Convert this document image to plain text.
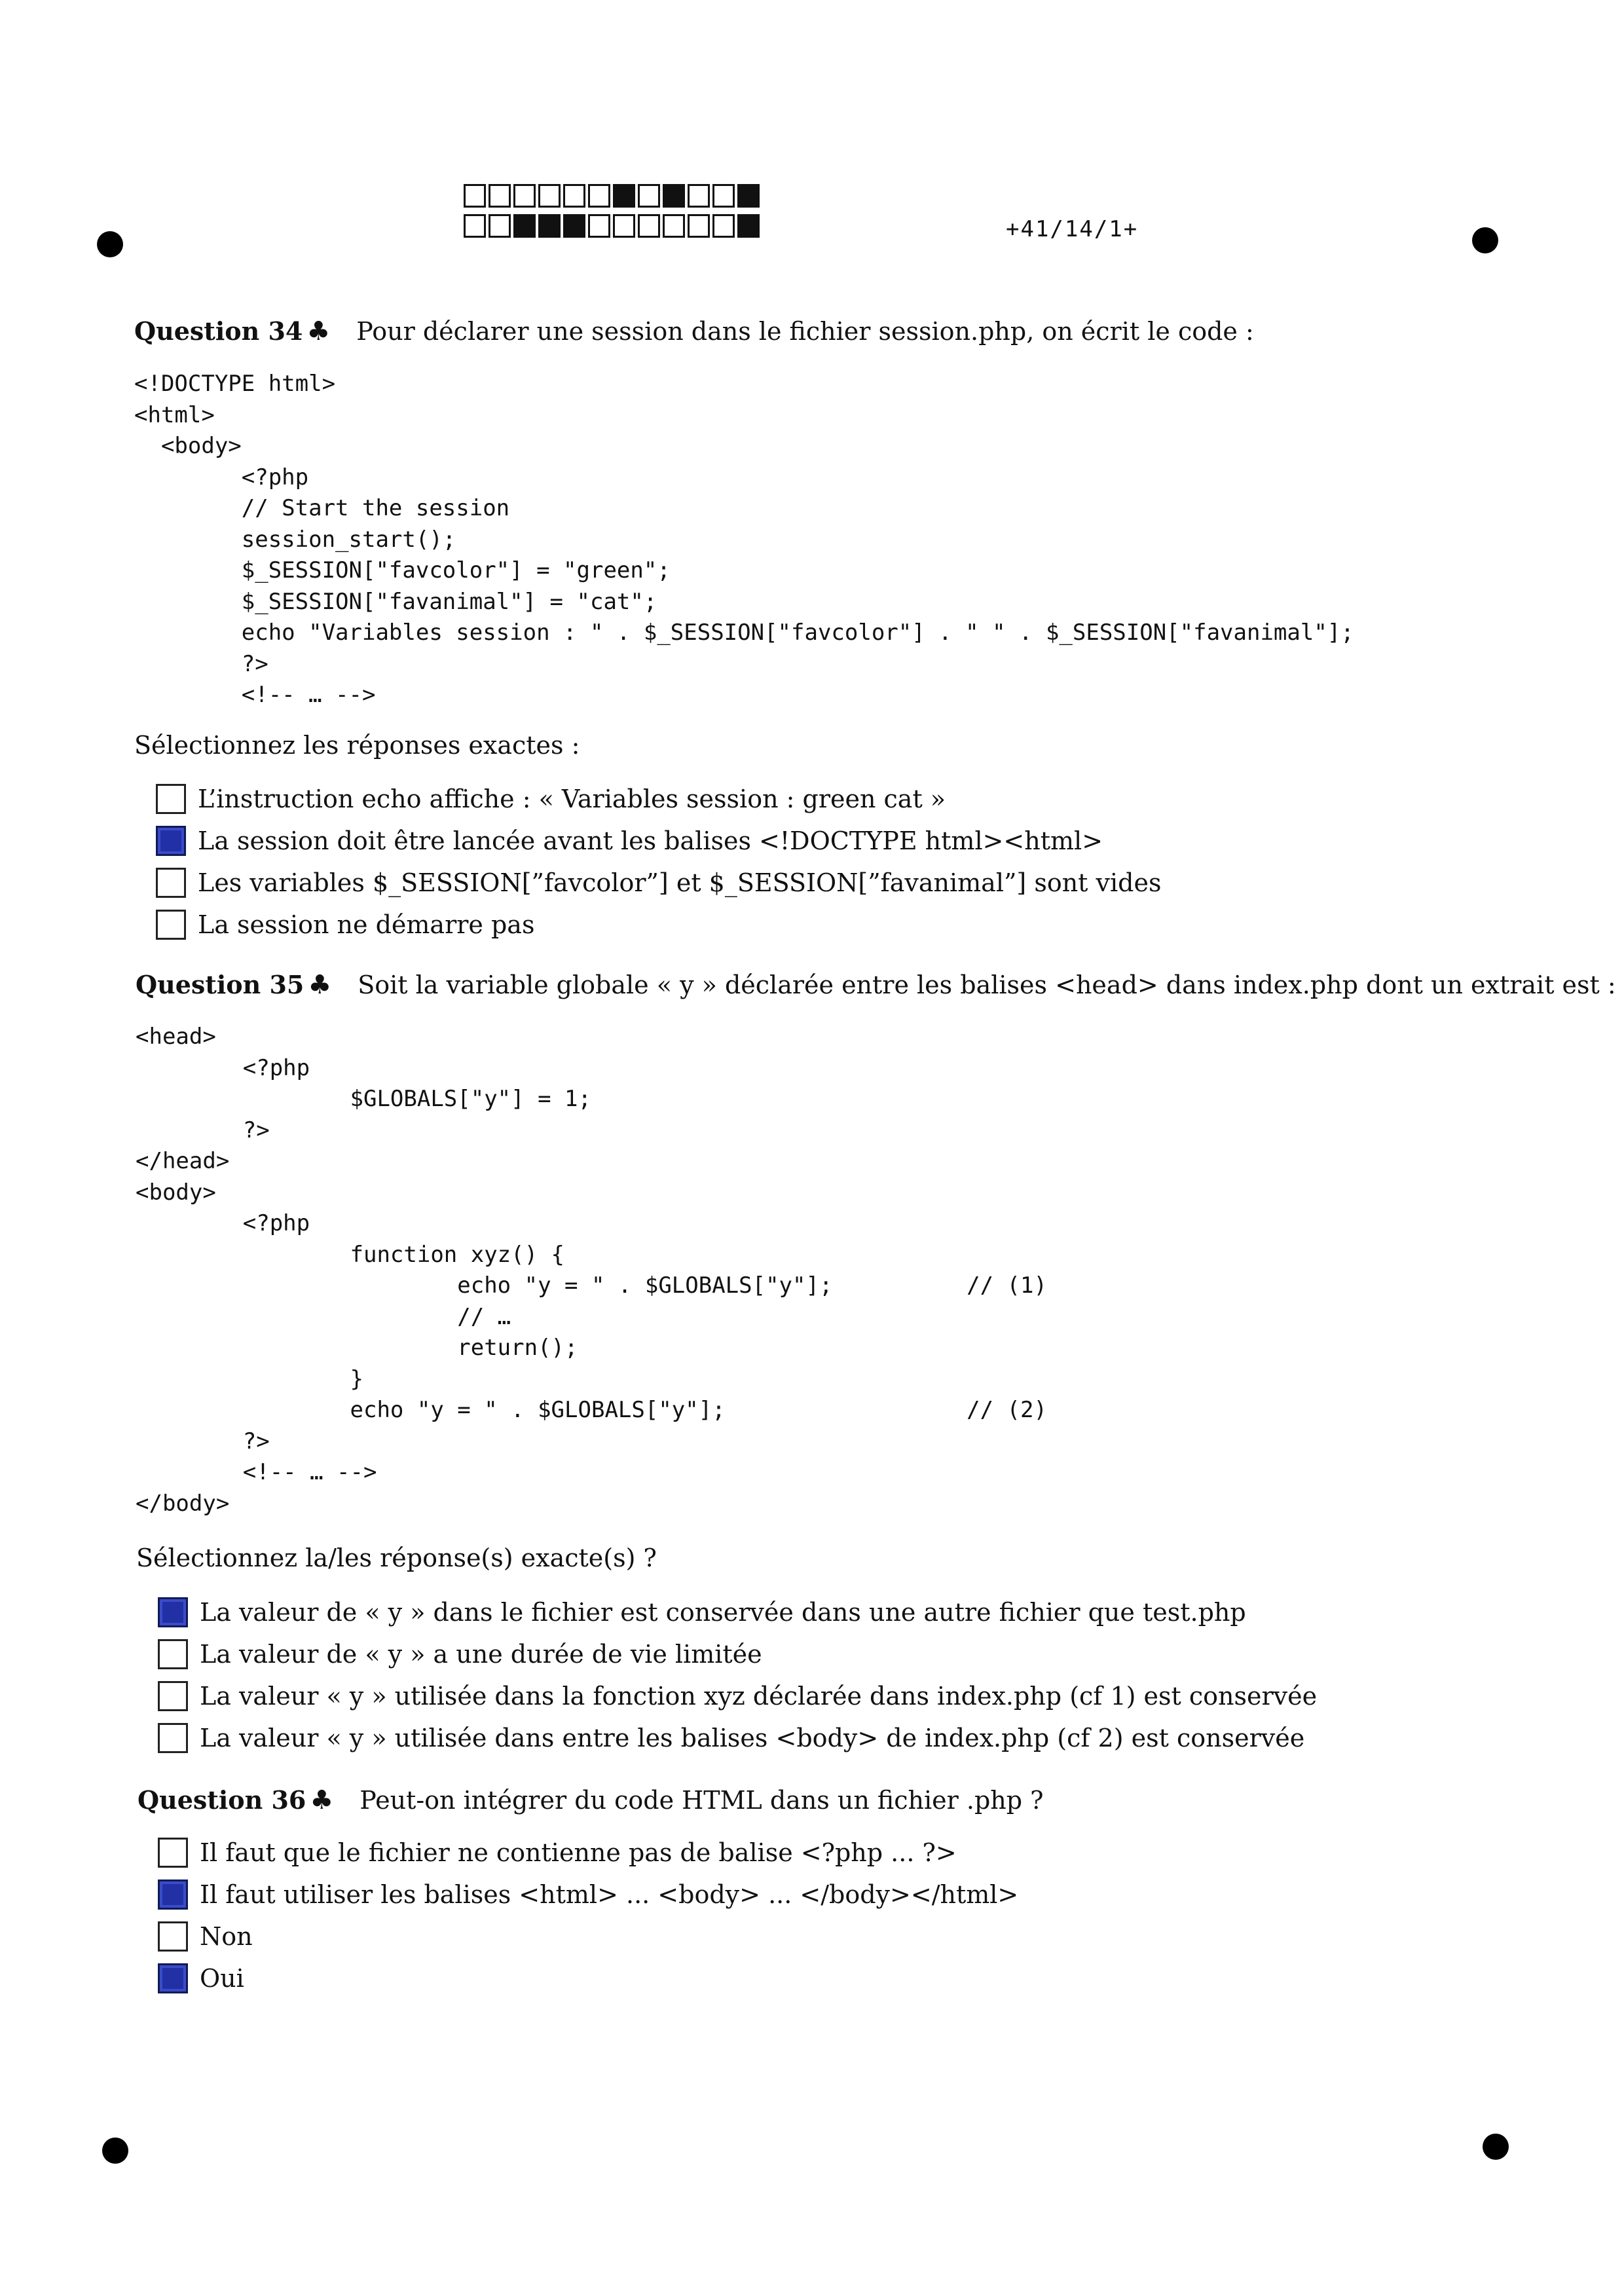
+41/14/1+
Question 34 ♣ Pour déclarer une session dans le fichier session.php, on écrit le code :
<!DOCTYPE html>
<html>
<body>
<?php
// Start the session
session_start();
$_SESSION["favcolor"] = "green";
$_SESSION["favanimal"] = "cat";
echo "Variables session : " . $_SESSION["favcolor"] . " " . $_SESSION["favanimal"];
?>
<!-- … -->
Sélectionnez les réponses exactes :
L’instruction echo affiche : « Variables session : green cat »
La session doit être lancée avant les balises <!DOCTYPE html><html>
Les variables $_SESSION[”favcolor”] et $_SESSION[”favanimal”] sont vides
La session ne démarre pas
Question 35 ♣ Soit la variable globale « y » déclarée entre les balises <head> dans index.php dont un extrait est :
<head>
<?php
$GLOBALS["y"] = 1;
?>
</head>
<body>
<?php
function xyz() {
echo "y = " . $GLOBALS["y"];          // (1)
// …
return();
}
echo "y = " . $GLOBALS["y"];                  // (2)
?>
<!-- … -->
</body>
Sélectionnez la/les réponse(s) exacte(s) ?
La valeur de « y » dans le fichier est conservée dans une autre fichier que test.php
La valeur de « y » a une durée de vie limitée
La valeur « y » utilisée dans la fonction xyz déclarée dans index.php (cf 1) est conservée
La valeur « y » utilisée dans entre les balises <body> de index.php (cf 2) est conservée
Question 36 ♣ Peut-on intégrer du code HTML dans un fichier .php ?
Il faut que le fichier ne contienne pas de balise <?php ... ?>
Il faut utiliser les balises <html> ... <body> ... </body></html>
Non
Oui
